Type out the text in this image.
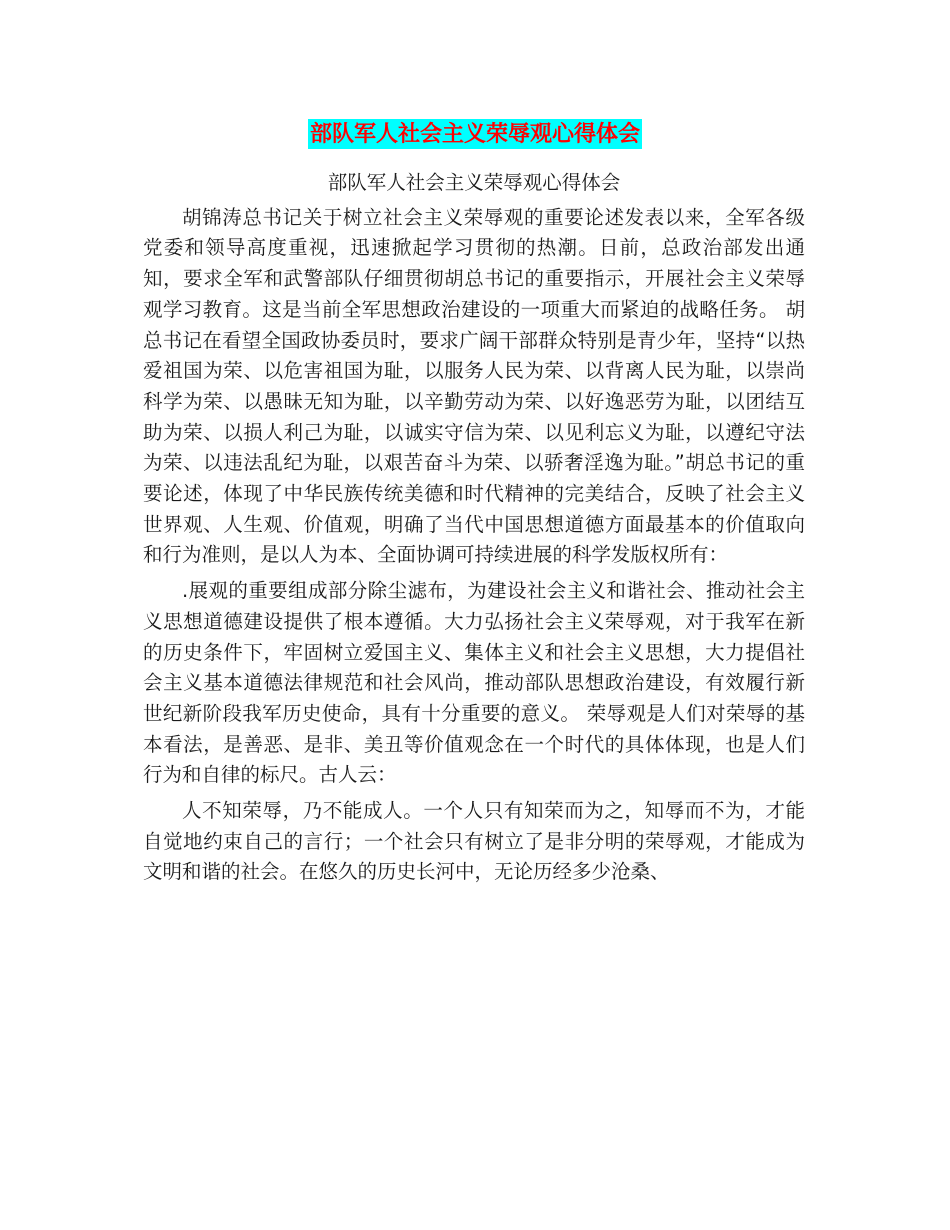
部队军人社会主义荣辱观心得体会

部队军人社会主义荣辱观心得体会

胡锦涛总书记关于树立社会主义荣辱观的重要论述发表以来，全军各级党委和领导高度重视，迅速掀起学习贯彻的热潮。日前，总政治部发出通知，要求全军和武警部队仔细贯彻胡总书记的重要指示，开展社会主义荣辱观学习教育。这是当前全军思想政治建设的一项重大而紧迫的战略任务。 胡总书记在看望全国政协委员时，要求广阔干部群众特别是青少年，坚持“以热爱祖国为荣、以危害祖国为耻，以服务人民为荣、以背离人民为耻，以崇尚科学为荣、以愚昧无知为耻，以辛勤劳动为荣、以好逸恶劳为耻，以团结互助为荣、以损人利己为耻，以诚实守信为荣、以见利忘义为耻，以遵纪守法为荣、以违法乱纪为耻，以艰苦奋斗为荣、以骄奢淫逸为耻。”胡总书记的重要论述，体现了中华民族传统美德和时代精神的完美结合，反映了社会主义世界观、人生观、价值观，明确了当代中国思想道德方面最基本的价值取向和行为准则，是以人为本、全面协调可持续进展的科学发版权所有：

.展观的重要组成部分除尘滤布，为建设社会主义和谐社会、推动社会主义思想道德建设提供了根本遵循。大力弘扬社会主义荣辱观，对于我军在新的历史条件下，牢固树立爱国主义、集体主义和社会主义思想，大力提倡社会主义基本道德法律规范和社会风尚，推动部队思想政治建设，有效履行新世纪新阶段我军历史使命，具有十分重要的意义。 荣辱观是人们对荣辱的基本看法，是善恶、是非、美丑等价值观念在一个时代的具体体现，也是人们行为和自律的标尺。古人云：

人不知荣辱，乃不能成人。一个人只有知荣而为之，知辱而不为，才能自觉地约束自己的言行；一个社会只有树立了是非分明的荣辱观，才能成为文明和谐的社会。在悠久的历史长河中，无论历经多少沧桑、
